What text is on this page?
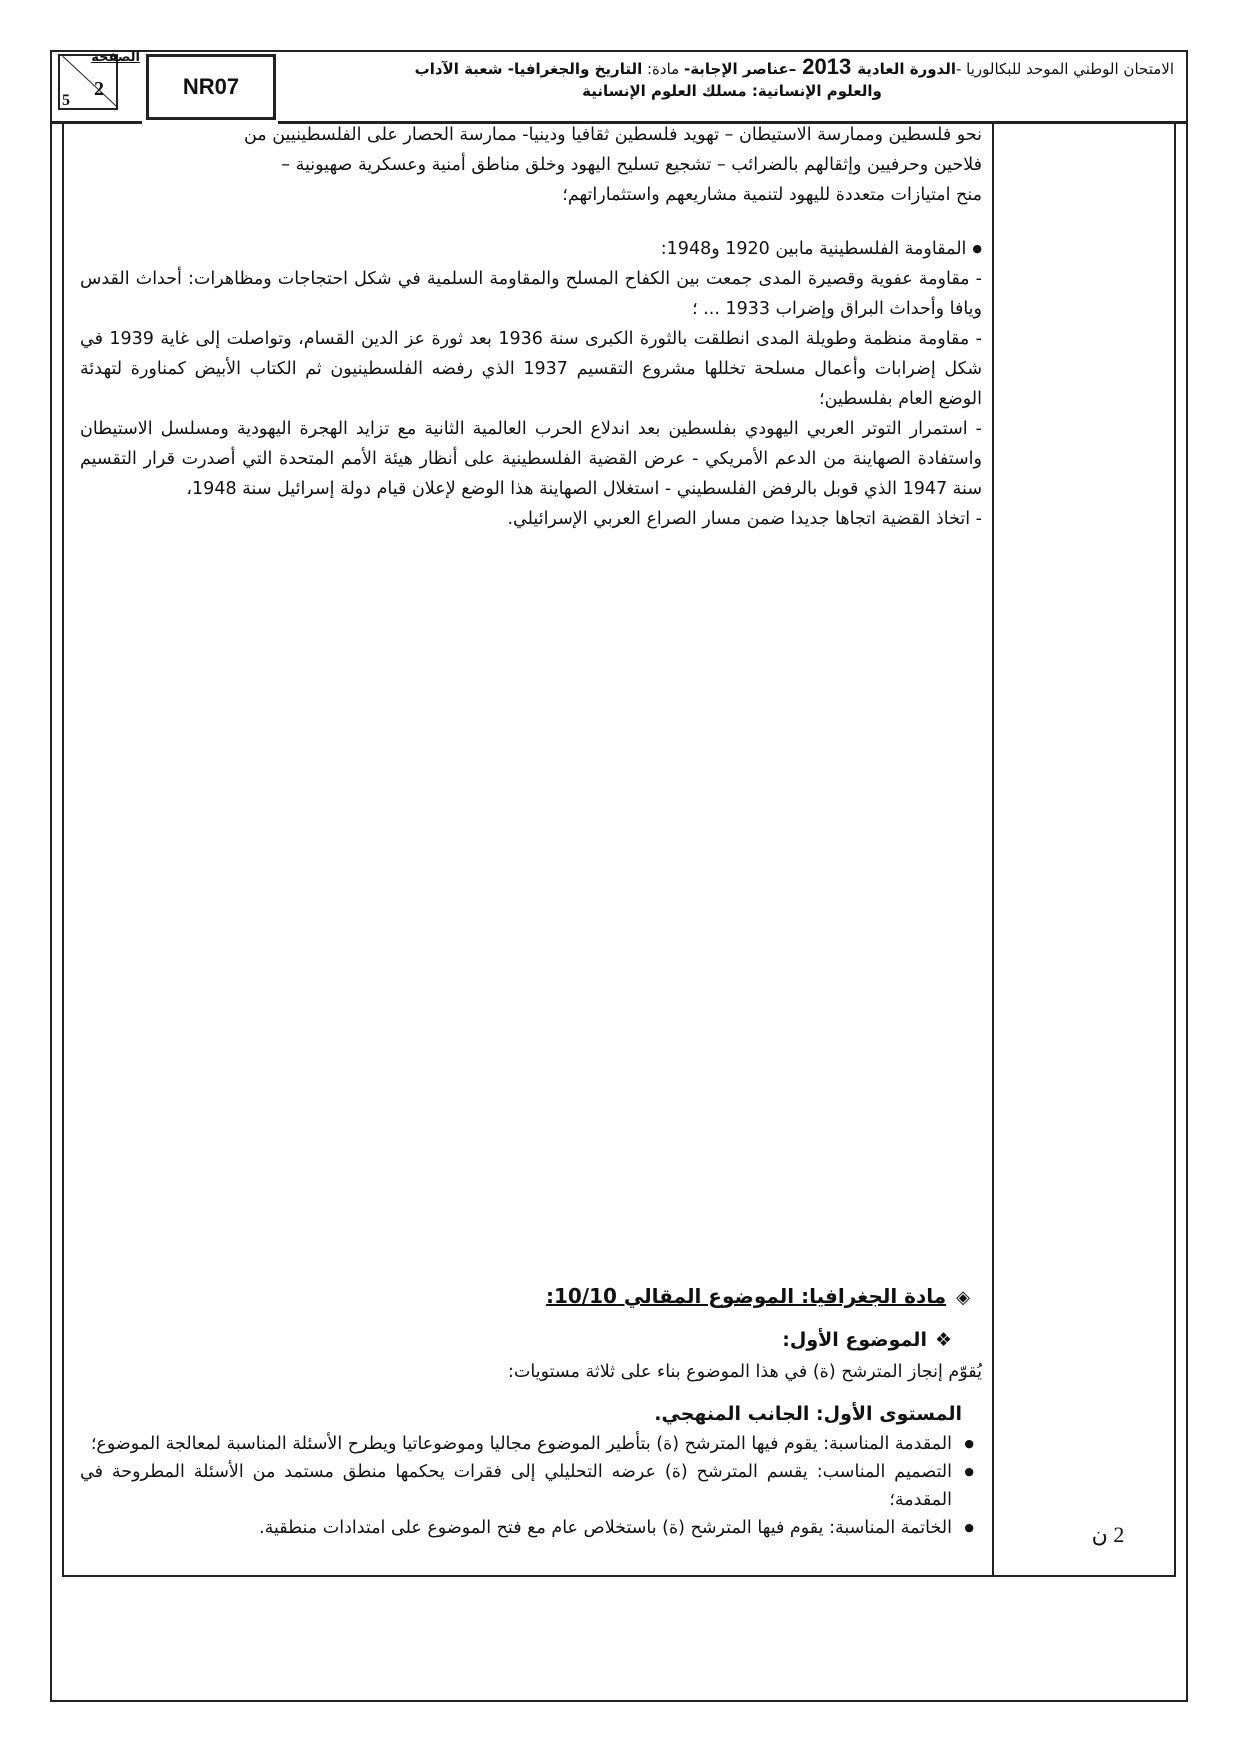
الامتحان الوطني الموحد للبكالوريا -الدورة العادية2013–عناصر الإجابة- مادة: التاريخ والجغرافيا- شعبة الآداب
والعلوم الإنسانية: مسلك العلوم الإنسانية
NR07
2
5
الصفحة

نحو فلسطين وممارسة الاستيطان – تهويد فلسطين ثقافيا ودينيا- ممارسة الحصار على الفلسطينيين من

فلاحين وحرفيين وإثقالهم بالضرائب – تشجيع تسليح اليهود وخلق مناطق أمنية وعسكرية صهيونية –

منح امتيازات متعددة لليهود لتنمية مشاريعهم واستثماراتهم؛

● المقاومة الفلسطينية مابين 1920 و1948:

- مقاومة عفوية وقصيرة المدى جمعت بين الكفاح المسلح والمقاومة السلمية في شكل احتجاجات ومظاهرات: أحداث القدس ويافا وأحداث البراق وإضراب 1933 ... ؛

- مقاومة منظمة وطويلة المدى انطلقت بالثورة الكبرى سنة 1936 بعد ثورة عز الدين القسام، وتواصلت إلى غاية 1939 في شكل إضرابات وأعمال مسلحة تخللها مشروع التقسيم 1937 الذي رفضه الفلسطينيون ثم الكتاب الأبيض كمناورة لتهدئة الوضع العام بفلسطين؛

- استمرار التوتر العربي اليهودي بفلسطين بعد اندلاع الحرب العالمية الثانية مع تزايد الهجرة اليهودية ومسلسل الاستيطان واستفادة الصهاينة من الدعم الأمريكي - عرض القضية الفلسطينية على أنظار هيئة الأمم المتحدة التي أصدرت قرار التقسيم سنة 1947 الذي قوبل بالرفض الفلسطيني - استغلال الصهاينة هذا الوضع لإعلان قيام دولة إسرائيل سنة 1948،

- اتخاذ القضية اتجاها جديدا ضمن مسار الصراع العربي الإسرائيلي.

◈مادة الجغرافيا: الموضوع المقالي 10/10:
❖الموضوع الأول:
يُقوّم إنجاز المترشح (ة) في هذا الموضوع بناء على ثلاثة مستويات:
المستوى الأول: الجانب المنهجي.
● المقدمة المناسبة: يقوم فيها المترشح (ة) بتأطير الموضوع مجاليا وموضوعاتيا ويطرح الأسئلة المناسبة لمعالجة الموضوع؛
● التصميم المناسب: يقسم المترشح (ة) عرضه التحليلي إلى فقرات يحكمها منطق مستمد من الأسئلة المطروحة في المقدمة؛
● الخاتمة المناسبة: يقوم فيها المترشح (ة) باستخلاص عام مع فتح الموضوع على امتدادات منطقية.	2 ن
